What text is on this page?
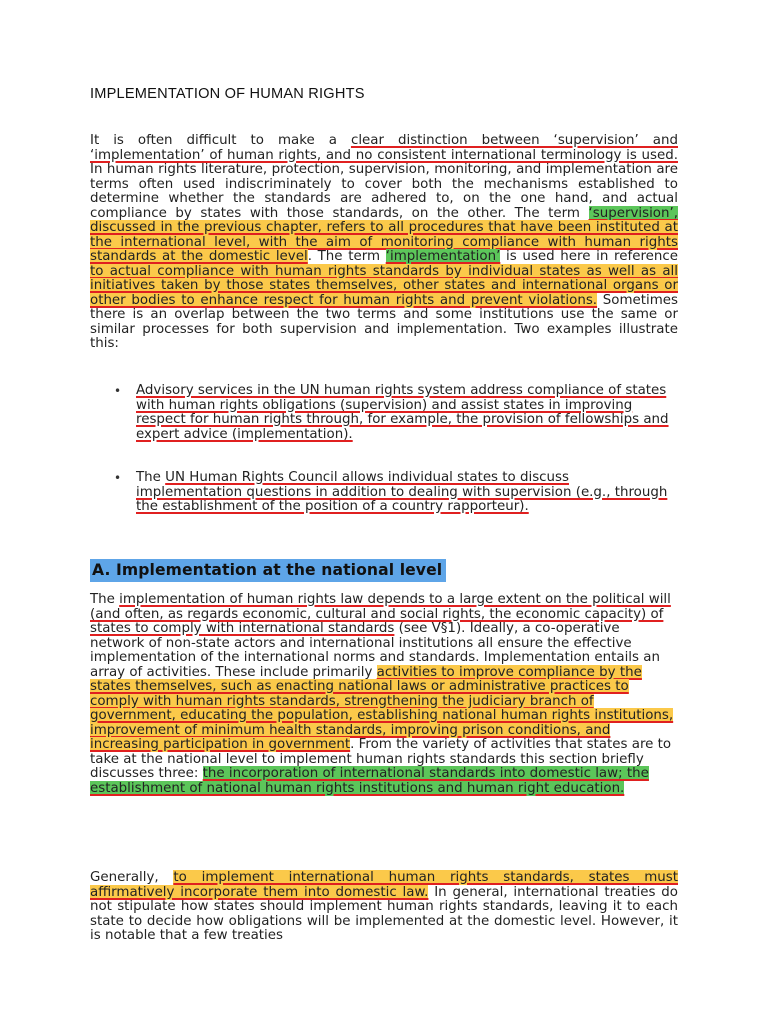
IMPLEMENTATION OF HUMAN RIGHTS
It is often difficult to make a clear distinction between ‘supervision’ and ‘implementation’ of human rights, and no consistent international terminology is used. In human rights literature, protection, supervision, monitoring, and implementation are terms often used indiscriminately to cover both the mechanisms established to determine whether the standards are adhered to, on the one hand, and actual compliance by states with those standards, on the other. The term ‘supervision’, discussed in the previous chapter, refers to all procedures that have been instituted at the international level, with the aim of monitoring compliance with human rights standards at the domestic level. The term ‘implementation’ is used here in reference to actual compliance with human rights standards by individual states as well as all initiatives taken by those states themselves, other states and international organs or other bodies to enhance respect for human rights and prevent violations. Sometimes there is an overlap between the two terms and some institutions use the same or similar processes for both supervision and implementation. Two examples illustrate this:
• Advisory services in the UN human rights system address compliance of states with human rights obligations (supervision) and assist states in improving respect for human rights through, for example, the provision of fellowships and expert advice (implementation).
• The UN Human Rights Council allows individual states to discuss implementation questions in addition to dealing with supervision (e.g., through the establishment of the position of a country rapporteur).
A. Implementation at the national level
The implementation of human rights law depends to a large extent on the political will (and often, as regards economic, cultural and social rights, the economic capacity) of states to comply with international standards (see V§1). Ideally, a co-operative network of non-state actors and international institutions all ensure the effective implementation of the international norms and standards. Implementation entails an array of activities. These include primarily activities to improve compliance by the states themselves, such as enacting national laws or administrative practices to comply with human rights standards, strengthening the judiciary branch of government, educating the population, establishing national human rights institutions, improvement of minimum health standards, improving prison conditions, and increasing participation in government. From the variety of activities that states are to take at the national level to implement human rights standards this section briefly discusses three: the incorporation of international standards into domestic law; the establishment of national human rights institutions and human right education.
Generally, to implement international human rights standards, states must affirmatively incorporate them into domestic law. In general, international treaties do not stipulate how states should implement human rights standards, leaving it to each state to decide how obligations will be implemented at the domestic level. However, it is notable that a few treaties
